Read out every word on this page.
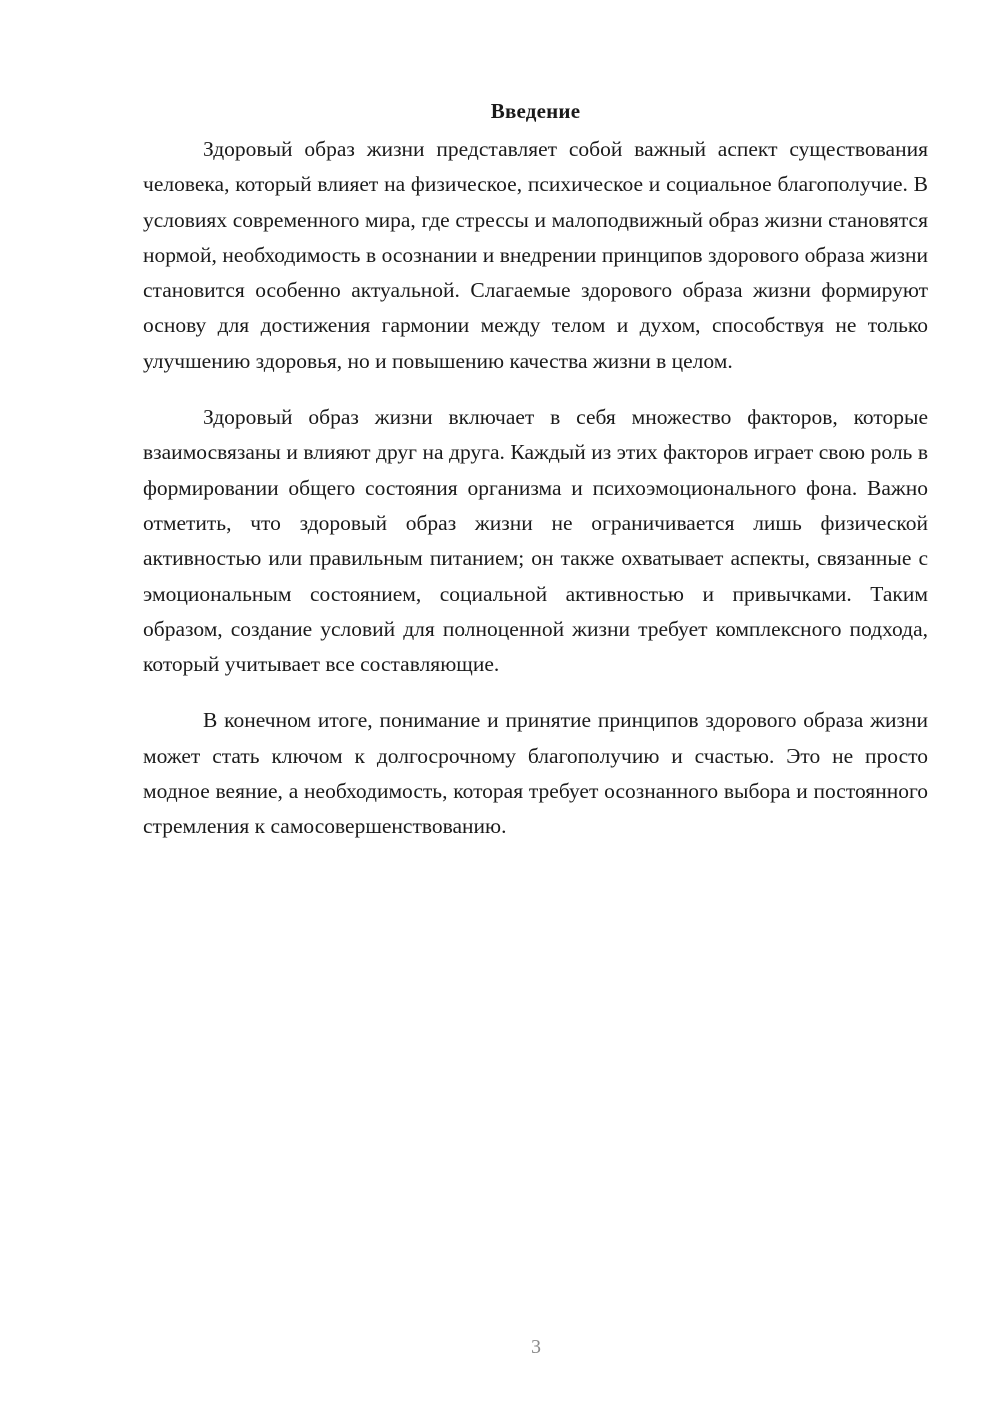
Введение

Здоровый образ жизни представляет собой важный аспект существования человека, который влияет на физическое, психическое и социальное благополучие. В условиях современного мира, где стрессы и малоподвижный образ жизни становятся нормой, необходимость в осознании и внедрении принципов здорового образа жизни становится особенно актуальной. Слагаемые здорового образа жизни формируют основу для достижения гармонии между телом и духом, способствуя не только улучшению здоровья, но и повышению качества жизни в целом.

Здоровый образ жизни включает в себя множество факторов, которые взаимосвязаны и влияют друг на друга. Каждый из этих факторов играет свою роль в формировании общего состояния организма и психоэмоционального фона. Важно отметить, что здоровый образ жизни не ограничивается лишь физической активностью или правильным питанием; он также охватывает аспекты, связанные с эмоциональным состоянием, социальной активностью и привычками. Таким образом, создание условий для полноценной жизни требует комплексного подхода, который учитывает все составляющие.

В конечном итоге, понимание и принятие принципов здорового образа жизни может стать ключом к долгосрочному благополучию и счастью. Это не просто модное веяние, а необходимость, которая требует осознанного выбора и постоянного стремления к самосовершенствованию.

3
